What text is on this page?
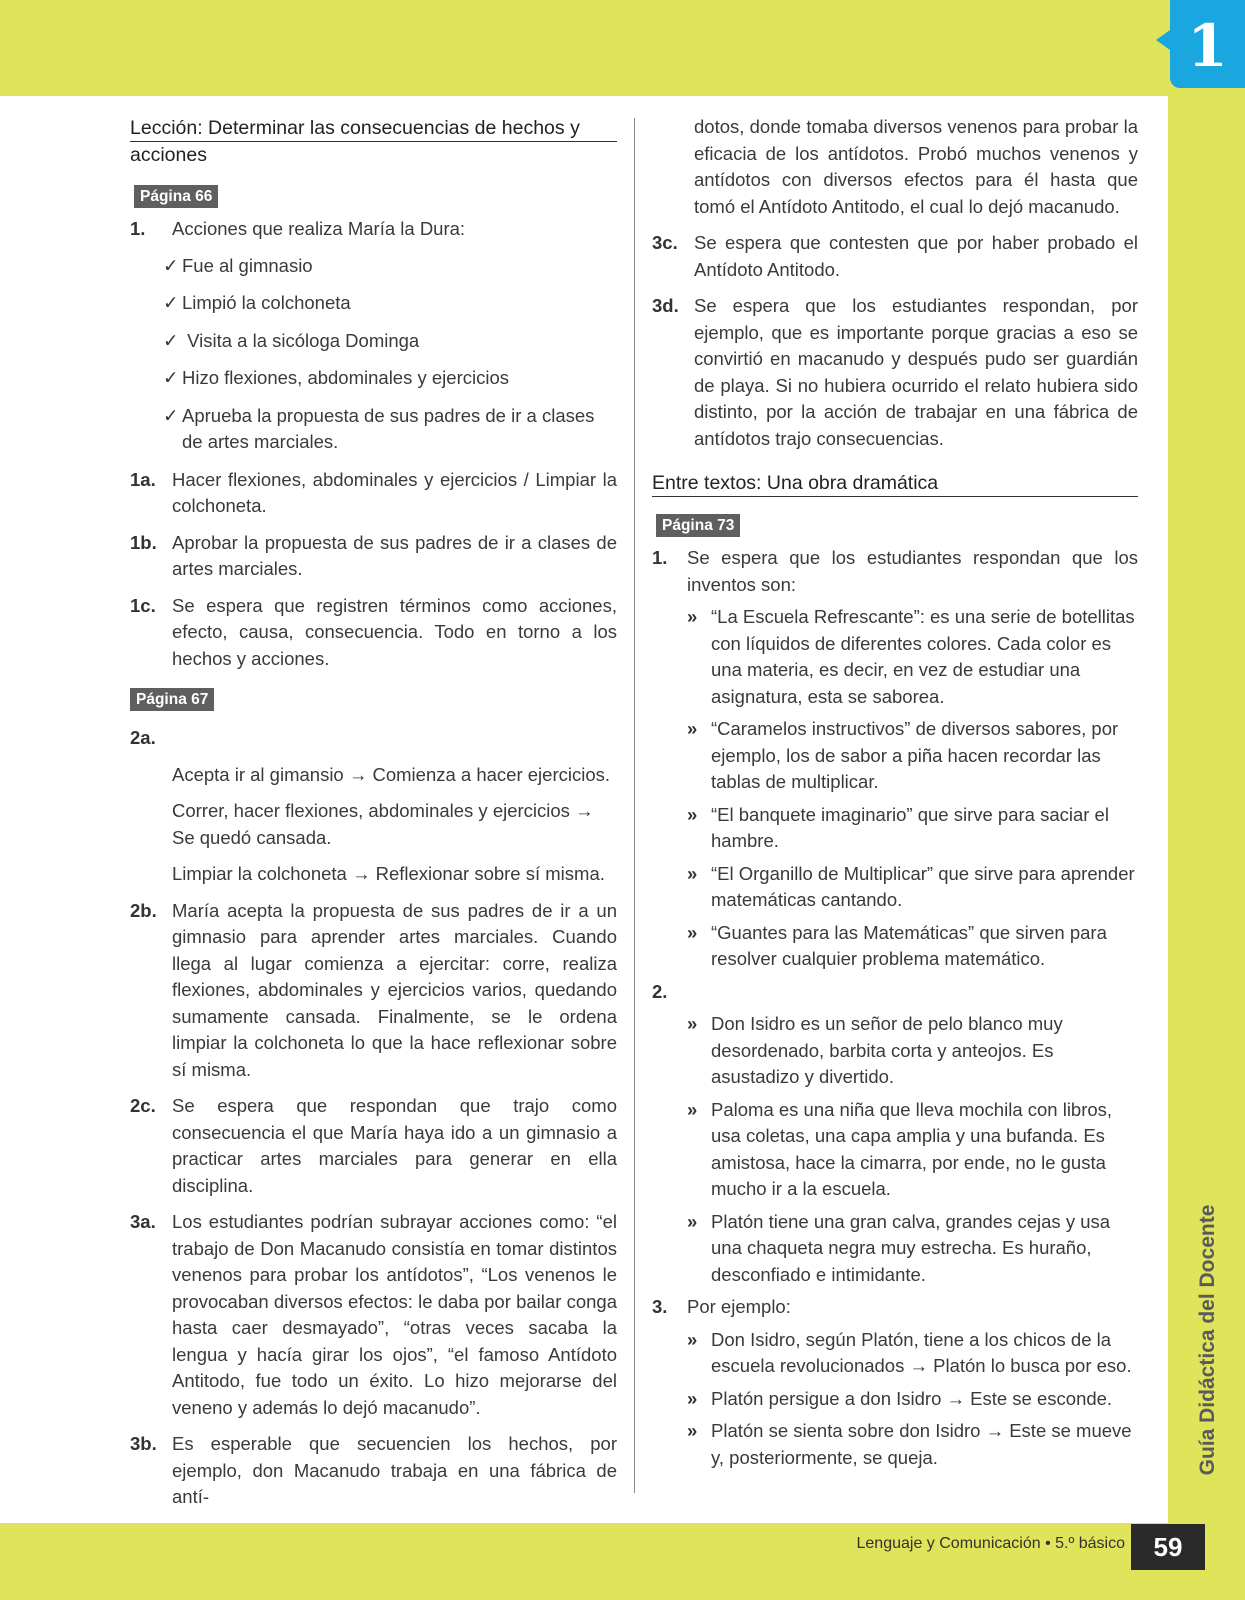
1
Guía Didáctica del Docente
Lenguaje y Comunicación • 5.º básico	59
Lección: Determinar las consecuencias de hechos y
acciones
Página 66
1.	Acciones que realiza María la Dura:
✓ Fue al gimnasio
✓ Limpió la colchoneta
✓ Visita a la sicóloga Dominga
✓ Hizo flexiones, abdominales y ejercicios
✓ Aprueba la propuesta de sus padres de ir a clases de artes marciales.
1a. Hacer flexiones, abdominales y ejercicios / Limpiar la colchoneta.
1b. Aprobar la propuesta de sus padres de ir a clases de artes marciales.
1c. Se espera que registren términos como acciones, efecto, causa, consecuencia. Todo en torno a los hechos y acciones.
Página 67
2a.
Acepta ir al gimansio → Comienza a hacer ejercicios.
Correr, hacer flexiones, abdominales y ejercicios → Se quedó cansada.
Limpiar la colchoneta → Reflexionar sobre sí misma.
2b. María acepta la propuesta de sus padres de ir a un gimnasio para aprender artes marciales. Cuando llega al lugar comienza a ejercitar: corre, realiza flexiones, abdominales y ejercicios varios, quedando sumamente cansada. Finalmente, se le ordena limpiar la colchoneta lo que la hace reflexionar sobre sí misma.
2c. Se espera que respondan que trajo como consecuencia el que María haya ido a un gimnasio a practicar artes marciales para generar en ella disciplina.
3a. Los estudiantes podrían subrayar acciones como: “el trabajo de Don Macanudo consistía en tomar distintos venenos para probar los antídotos”, “Los venenos le provocaban diversos efectos: le daba por bailar conga hasta caer desmayado”, “otras veces sacaba la lengua y hacía girar los ojos”, “el famoso Antídoto Antitodo, fue todo un éxito. Lo hizo mejorarse del veneno y además lo dejó macanudo”.
3b. Es esperable que secuencien los hechos, por ejemplo, don Macanudo trabaja en una fábrica de antí-
dotos, donde tomaba diversos venenos para probar la eficacia de los antídotos. Probó muchos venenos y antídotos con diversos efectos para él hasta que tomó el Antídoto Antitodo, el cual lo dejó macanudo.
3c. Se espera que contesten que por haber probado el Antídoto Antitodo.
3d. Se espera que los estudiantes respondan, por ejemplo, que es importante porque gracias a eso se convirtió en macanudo y después pudo ser guardián de playa. Si no hubiera ocurrido el relato hubiera sido distinto, por la acción de trabajar en una fábrica de antídotos trajo consecuencias.
Entre textos: Una obra dramática
Página 73
1.	Se espera que los estudiantes respondan que los inventos son:
» “La Escuela Refrescante”: es una serie de botellitas con líquidos de diferentes colores. Cada color es una materia, es decir, en vez de estudiar una asignatura, esta se saborea.
» “Caramelos instructivos” de diversos sabores, por ejemplo, los de sabor a piña hacen recordar las tablas de multiplicar.
» “El banquete imaginario” que sirve para saciar el hambre.
» “El Organillo de Multiplicar” que sirve para aprender matemáticas cantando.
» “Guantes para las Matemáticas” que sirven para resolver cualquier problema matemático.
2.
» Don Isidro es un señor de pelo blanco muy desordenado, barbita corta y anteojos. Es asustadizo y divertido.
» Paloma es una niña que lleva mochila con libros, usa coletas, una capa amplia y una bufanda. Es amistosa, hace la cimarra, por ende, no le gusta mucho ir a la escuela.
» Platón tiene una gran calva, grandes cejas y usa una chaqueta negra muy estrecha. Es huraño, desconfiado e intimidante.
3.	Por ejemplo:
» Don Isidro, según Platón, tiene a los chicos de la escuela revolucionados → Platón lo busca por eso.
» Platón persigue a don Isidro → Este se esconde.
» Platón se sienta sobre don Isidro → Este se mueve y, posteriormente, se queja.
